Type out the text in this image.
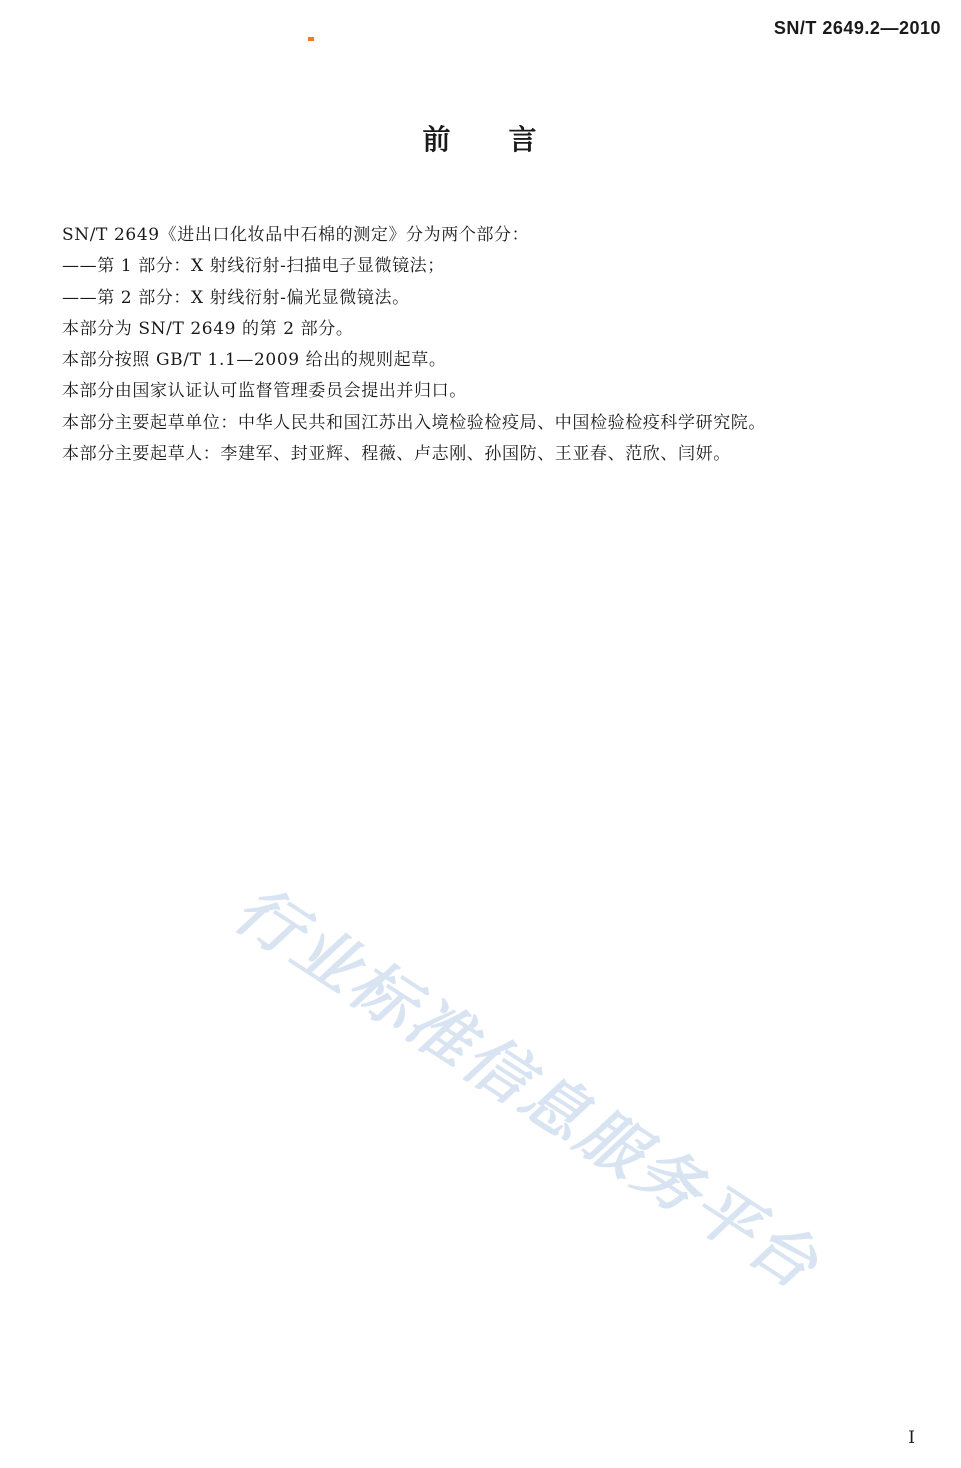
SN/T 2649.2—2010
前 言

SN/T 2649《进出口化妆品中石棉的测定》分为两个部分：

——第 1 部分：X 射线衍射-扫描电子显微镜法；

——第 2 部分：X 射线衍射-偏光显微镜法。

本部分为 SN/T 2649 的第 2 部分。

本部分按照 GB/T 1.1—2009 给出的规则起草。

本部分由国家认证认可监督管理委员会提出并归口。

本部分主要起草单位：中华人民共和国江苏出入境检验检疫局、中国检验检疫科学研究院。

本部分主要起草人：李建军、封亚辉、程薇、卢志刚、孙国防、王亚春、范欣、闫妍。

行业标准信息服务平台
I
